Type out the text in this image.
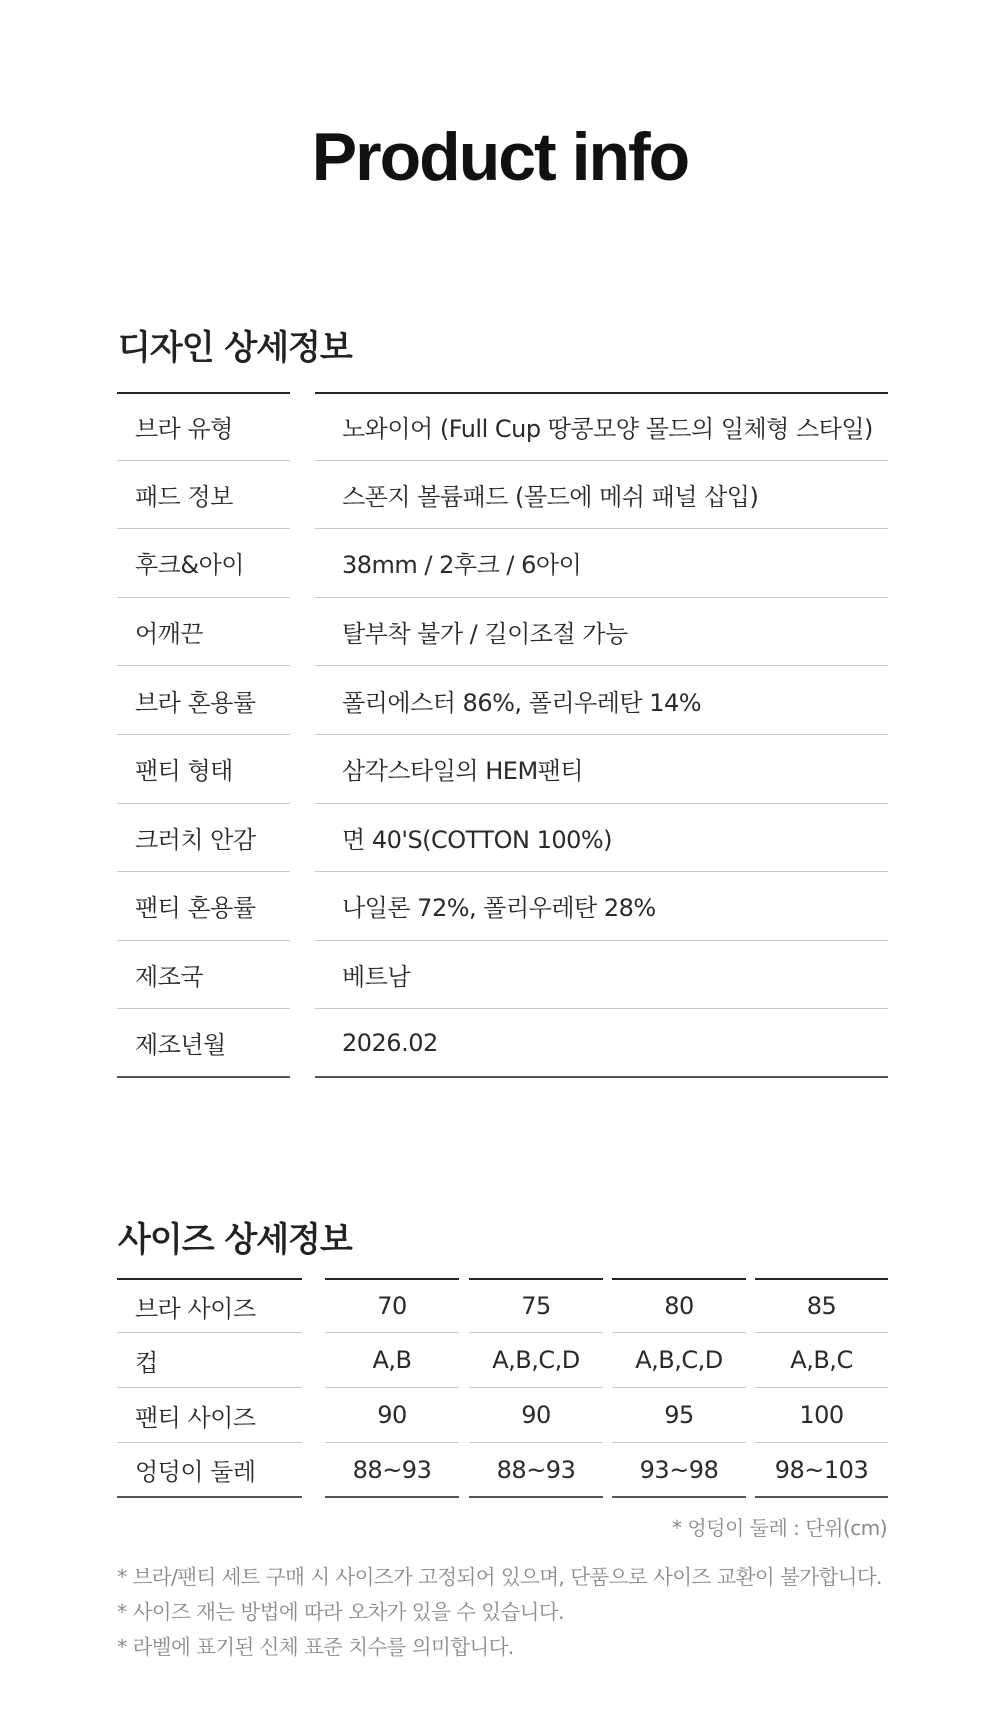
Product info
디자인 상세정보
브라 유형	노와이어 (Full Cup 땅콩모양 몰드의 일체형 스타일)
패드 정보	스폰지 볼륨패드 (몰드에 메쉬 패널 삽입)
후크&아이	38mm / 2후크 / 6아이
어깨끈	탈부착 불가 / 길이조절 가능
브라 혼용률	폴리에스터 86%, 폴리우레탄 14%
팬티 형태	삼각스타일의 HEM팬티
크러치 안감	면 40'S(COTTON 100%)
팬티 혼용률	나일론 72%, 폴리우레탄 28%
제조국	베트남
제조년월	2026.02
사이즈 상세정보
브라 사이즈	70	75	80	85
컵	A,B	A,B,C,D	A,B,C,D	A,B,C
팬티 사이즈	90	90	95	100
엉덩이 둘레	88~93	88~93	93~98	98~103
* 엉덩이 둘레 : 단위(cm)
* 브라/팬티 세트 구매 시 사이즈가 고정되어 있으며, 단품으로 사이즈 교환이 불가합니다.
* 사이즈 재는 방법에 따라 오차가 있을 수 있습니다.
* 라벨에 표기된 신체 표준 치수를 의미합니다.
